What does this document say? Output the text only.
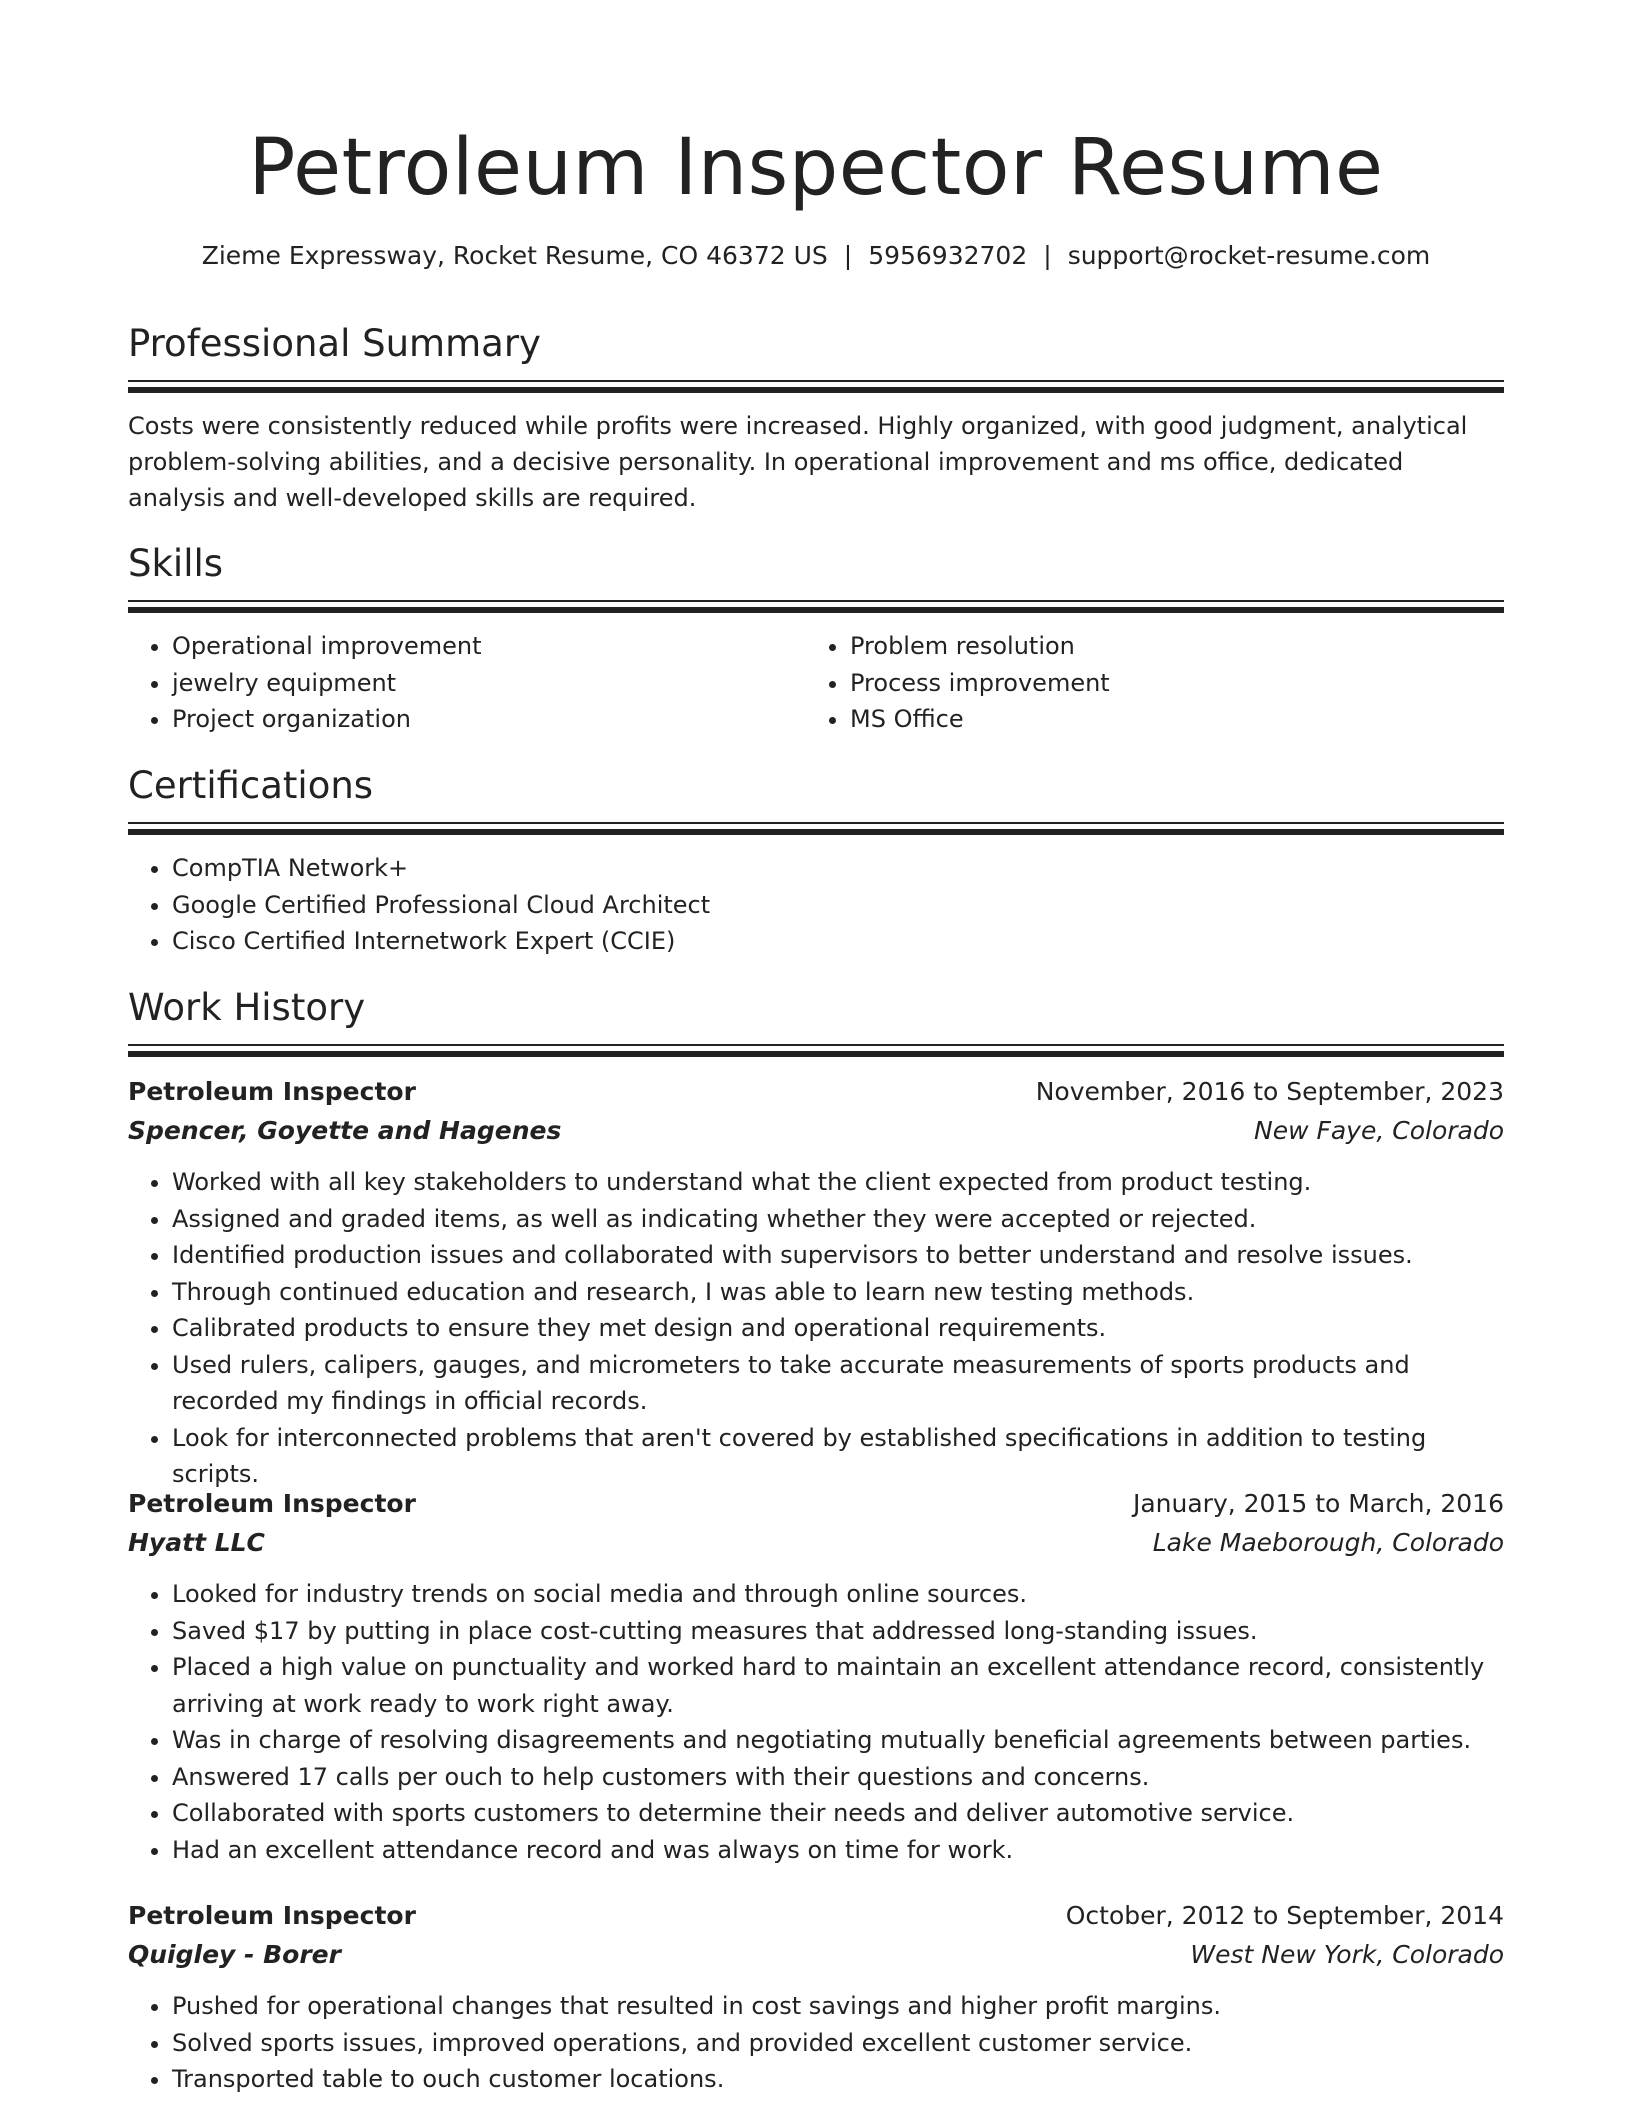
Petroleum Inspector Resume
Zieme Expressway, Rocket Resume, CO 46372 US | 5956932702 | support@rocket-resume.com
Professional Summary
Costs were consistently reduced while profits were increased. Highly organized, with good judgment, analytical problem-solving abilities, and a decisive personality. In operational improvement and ms office, dedicated analysis and well-developed skills are required.
Skills
• Operational improvement
• jewelry equipment
• Project organization
• Problem resolution
• Process improvement
• MS Office
Certifications
• CompTIA Network+
• Google Certified Professional Cloud Architect
• Cisco Certified Internetwork Expert (CCIE)
Work History
Petroleum Inspector	November, 2016 to September, 2023
Spencer, Goyette and Hagenes	New Faye, Colorado
• Worked with all key stakeholders to understand what the client expected from product testing.
• Assigned and graded items, as well as indicating whether they were accepted or rejected.
• Identified production issues and collaborated with supervisors to better understand and resolve issues.
• Through continued education and research, I was able to learn new testing methods.
• Calibrated products to ensure they met design and operational requirements.
• Used rulers, calipers, gauges, and micrometers to take accurate measurements of sports products and recorded my findings in official records.
• Look for interconnected problems that aren't covered by established specifications in addition to testing scripts.
Petroleum Inspector	January, 2015 to March, 2016
Hyatt LLC	Lake Maeborough, Colorado
• Looked for industry trends on social media and through online sources.
• Saved $17 by putting in place cost-cutting measures that addressed long-standing issues.
• Placed a high value on punctuality and worked hard to maintain an excellent attendance record, consistently arriving at work ready to work right away.
• Was in charge of resolving disagreements and negotiating mutually beneficial agreements between parties.
• Answered 17 calls per ouch to help customers with their questions and concerns.
• Collaborated with sports customers to determine their needs and deliver automotive service.
• Had an excellent attendance record and was always on time for work.
Petroleum Inspector	October, 2012 to September, 2014
Quigley - Borer	West New York, Colorado
• Pushed for operational changes that resulted in cost savings and higher profit margins.
• Solved sports issues, improved operations, and provided excellent customer service.
• Transported table to ouch customer locations.
